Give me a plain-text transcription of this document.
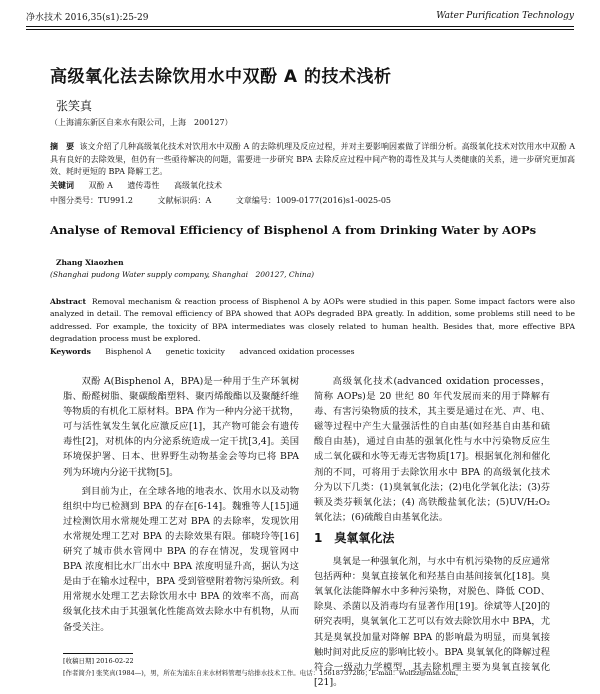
净水技术 2016,35(s1):25-29	Water Purification Technology
高级氧化法去除饮用水中双酚 A 的技术浅析
张笑真
（上海浦东新区自来水有限公司，上海　200127）
摘　要 该文介绍了几种高级氧化技术对饮用水中双酚 A 的去除机理及反应过程，并对主要影响因素做了详细分析。高级氧化技术对饮用水中双酚 A 具有良好的去除效果，但仍有一些亟待解决的问题，需要进一步研究 BPA 去除反应过程中间产物的毒性及其与人类健康的关系，进一步研究更加高效、耗时更短的 BPA 降解工艺。
关键词 双酚 A 遗传毒性 高级氧化技术
中图分类号：TU991.2	文献标识码：A	文章编号：1009-0177(2016)s1-0025-05
Analyse of Removal Efficiency of Bisphenol A from Drinking Water by AOPs
Zhang Xiaozhen
(Shanghai pudong Water supply company, Shanghai　200127, China)
Abstract Removal mechanism & reaction process of Bisphenol A by AOPs were studied in this paper. Some impact factors were also analyzed in detail. The removal efficiency of BPA showed that AOPs degraded BPA greatly. In addition, some problems still need to be addressed. For example, the toxicity of BPA intermediates was closely related to human health. Besides that, more effective BPA degradation process must be explored.
Keywords Bisphenol A genetic toxicity advanced oxidation processes

双酚 A(Bisphenol A，BPA)是一种用于生产环氧树脂、酚醛树脂、聚碳酸酯塑料、聚丙烯酸酯以及聚醚纤维等物质的有机化工原材料。BPA 作为一种内分泌干扰物，可与活性氧发生氧化应激反应[1]，其产物可能会有遗传毒性[2]，对机体的内分泌系统造成一定干扰[3,4]。美国环境保护署、日本、世界野生动物基金会等均已将 BPA 列为环境内分泌干扰物[5]。

到目前为止，在全球各地的地表水、饮用水以及动物组织中均已检测到 BPA 的存在[6-14]。魏雅等人[15]通过检测饮用水常规处理工艺对 BPA 的去除率，发现饮用水常规处理工艺对 BPA 的去除效果有限。郁晓玲等[16]研究了城市供水管网中 BPA 的存在情况，发现管网中 BPA 浓度相比水厂出水中 BPA 浓度明显升高，据认为这是由于在输水过程中，BPA 受到管壁附着物污染所致。利用常规水处理工艺去除饮用水中 BPA 的效率不高，而高级氧化技术由于其强氧化性能高效去除水中有机物，从而备受关注。

高级氧化技术(advanced oxidation processes，简称 AOPs)是 20 世纪 80 年代发展而来的用于降解有毒、有害污染物质的技术，其主要是通过在光、声、电、磁等过程中产生大量强活性的自由基(如羟基自由基和硫酸自由基)，通过自由基的强氧化性与水中污染物反应生成二氧化碳和水等无毒无害物质[17]。根据氧化剂和催化剂的不同，可将用于去除饮用水中 BPA 的高级氧化技术分为以下几类：(1)臭氧氧化法；(2)电化学氧化法；(3)芬顿及类芬顿氧化法；(4) 高铁酸盐氧化法；(5)UV/H₂O₂ 氧化法；(6)硫酸自由基氧化法。

1 臭氧氧化法

臭氧是一种强氧化剂，与水中有机污染物的反应通常包括两种：臭氧直接氧化和羟基自由基间接氧化[18]。臭氧氧化法能降解水中多种污染物，对脱色、降低 COD、除臭、杀菌以及消毒均有显著作用[19]。徐斌等人[20]的研究表明，臭氧氧化工艺可以有效去除饮用水中 BPA，尤其是臭氧投加量对降解 BPA 的影响最为明显，而臭氧接触时间对此反应的影响比较小。BPA 臭氧氧化的降解过程符合一级动力学模型，其去除机理主要为臭氧直接氧化[21]。

[收稿日期] 2016-02-22
[作者简介] 张笑真(1984—)，男，所在为浦东自来水材料管理与给排水技术工作。电话：15618737286；E-mail：wolfzz@msn.com。
